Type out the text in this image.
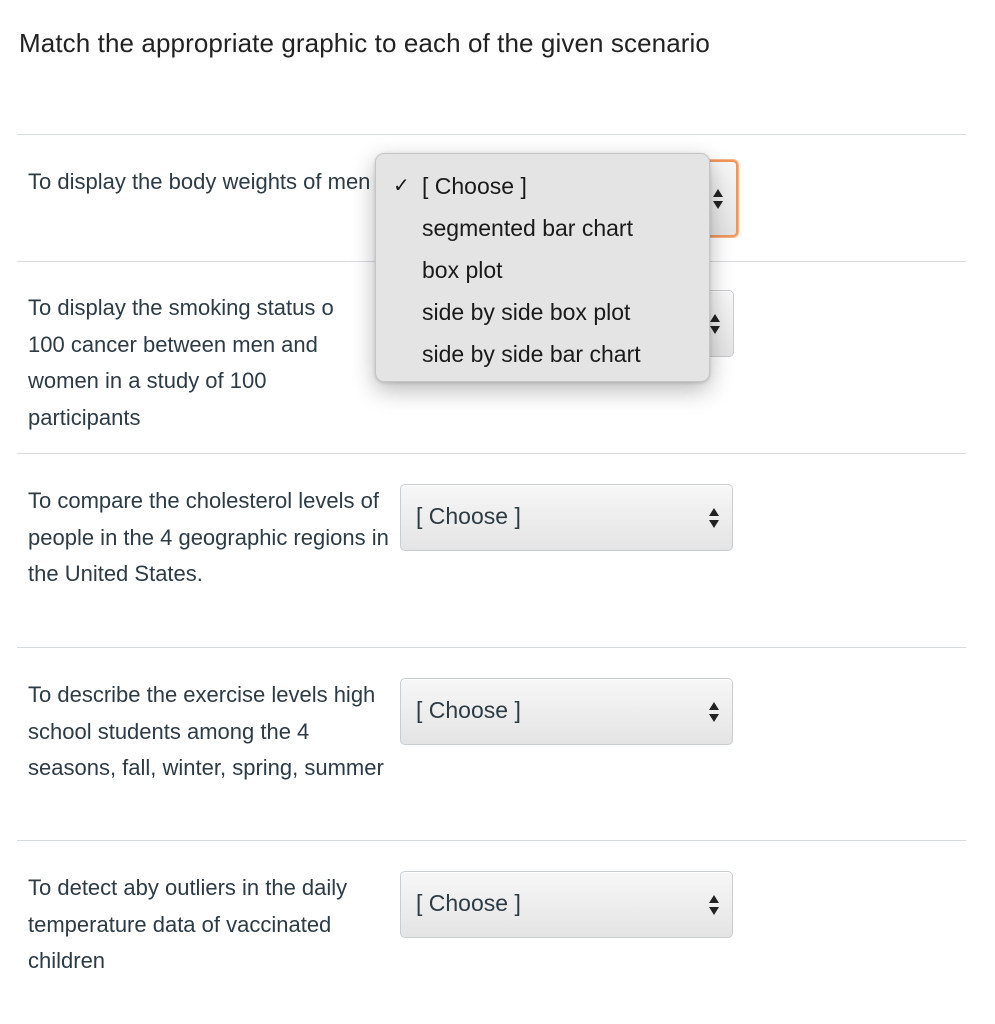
Match the appropriate graphic to each of the given scenario
To display the body weights of men
To display the smoking status o 100 cancer between men and women in a study of 100 participants
To compare the cholesterol levels of people in the 4 geographic regions in the United States.
[ Choose ]
To describe the exercise levels high school students among the 4 seasons, fall, winter, spring, summer
[ Choose ]
To detect aby outliers in the daily temperature data of vaccinated children
[ Choose ]
✓ [ Choose ]
segmented bar chart
box plot
side by side box plot
side by side bar chart
